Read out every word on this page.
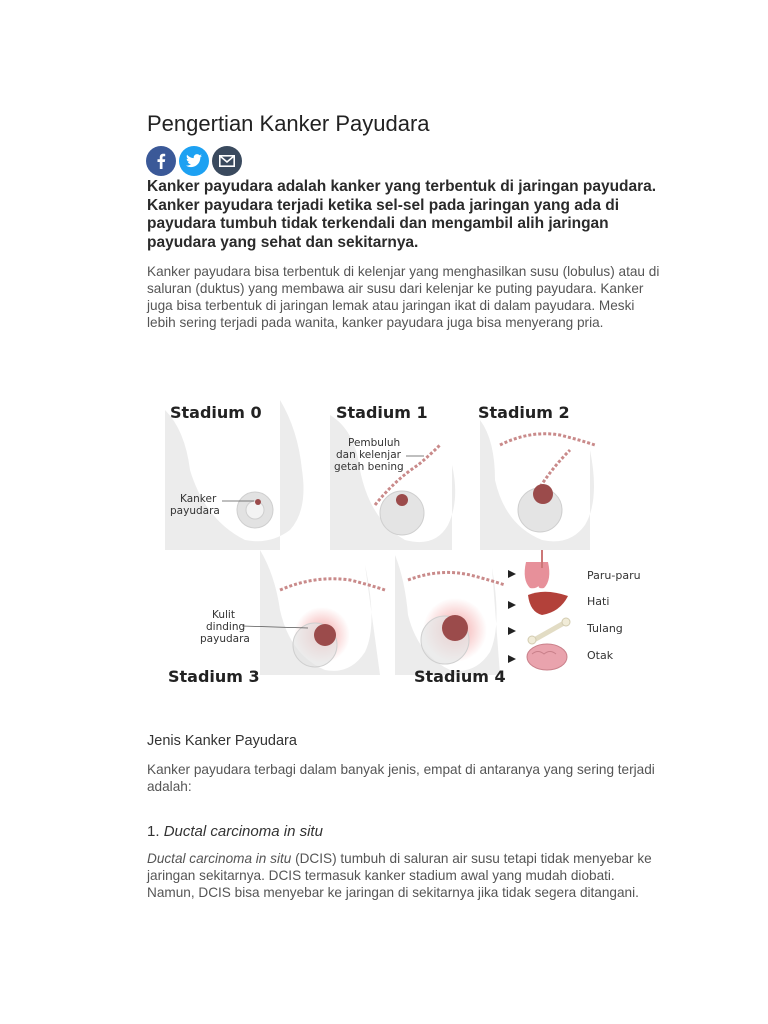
Pengertian Kanker Payudara

Kanker payudara adalah kanker yang terbentuk di jaringan payudara. Kanker payudara terjadi ketika sel-sel pada jaringan yang ada di payudara tumbuh tidak terkendali dan mengambil alih jaringan payudara yang sehat dan sekitarnya.

Kanker payudara bisa terbentuk di kelenjar yang menghasilkan susu (lobulus) atau di saluran (duktus) yang membawa air susu dari kelenjar ke puting payudara. Kanker juga bisa terbentuk di jaringan lemak atau jaringan ikat di dalam payudara. Meski lebih sering terjadi pada wanita, kanker payudara juga bisa menyerang pria.

Stadium 0
Kanker
payudara
Stadium 1
Pembuluh
dan kelenjar
getah bening
Stadium 2
Stadium 3
Kulit
dinding
payudara
Stadium 4
Paru-paru
Hati
Tulang
Otak
Jenis Kanker Payudara

Kanker payudara terbagi dalam banyak jenis, empat di antaranya yang sering terjadi adalah:

1. Ductal carcinoma in situ

Ductal carcinoma in situ (DCIS) tumbuh di saluran air susu tetapi tidak menyebar ke jaringan sekitarnya. DCIS termasuk kanker stadium awal yang mudah diobati. Namun, DCIS bisa menyebar ke jaringan di sekitarnya jika tidak segera ditangani.
